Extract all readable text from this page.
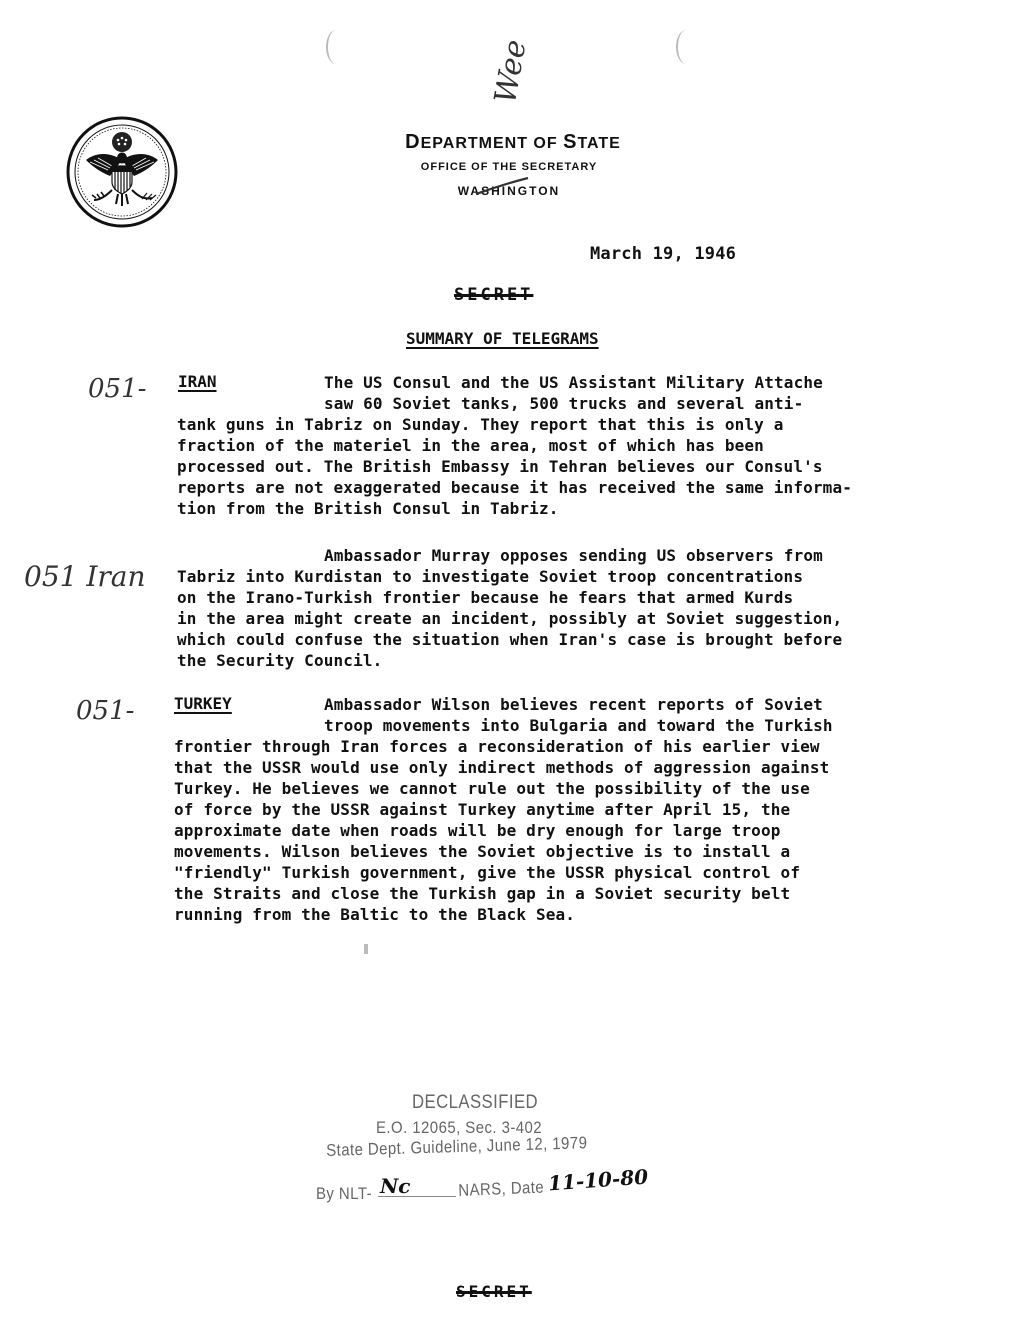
DEPARTMENT OF STATE
OFFICE OF THE SECRETARY
WASHINGTON
Wee
March 19, 1946
SECRET
SUMMARY OF TELEGRAMS
051- IRAN	The US Consul and the US Assistant Military Attache
saw 60 Soviet tanks, 500 trucks and several anti-
tank guns in Tabriz on Sunday. They report that this is only a
fraction of the materiel in the area, most of which has been
processed out. The British Embassy in Tehran believes our Consul's
reports are not exaggerated because it has received the same informa-
tion from the British Consul in Tabriz.
051 Iran
Ambassador Murray opposes sending US observers from
Tabriz into Kurdistan to investigate Soviet troop concentrations
on the Irano-Turkish frontier because he fears that armed Kurds
in the area might create an incident, possibly at Soviet suggestion,
which could confuse the situation when Iran's case is brought before
the Security Council.
051- TURKEY	Ambassador Wilson believes recent reports of Soviet
troop movements into Bulgaria and toward the Turkish
frontier through Iran forces a reconsideration of his earlier view
that the USSR would use only indirect methods of aggression against
Turkey. He believes we cannot rule out the possibility of the use
of force by the USSR against Turkey anytime after April 15, the
approximate date when roads will be dry enough for large troop
movements. Wilson believes the Soviet objective is to install a
"friendly" Turkish government, give the USSR physical control of
the Straits and close the Turkish gap in a Soviet security belt
running from the Baltic to the Black Sea.
DECLASSIFIED
E.O. 12065, Sec. 3-402
State Dept. Guideline, June 12, 1979
By NLT- Nc	NARS, Date 11-10-80
SECRET
